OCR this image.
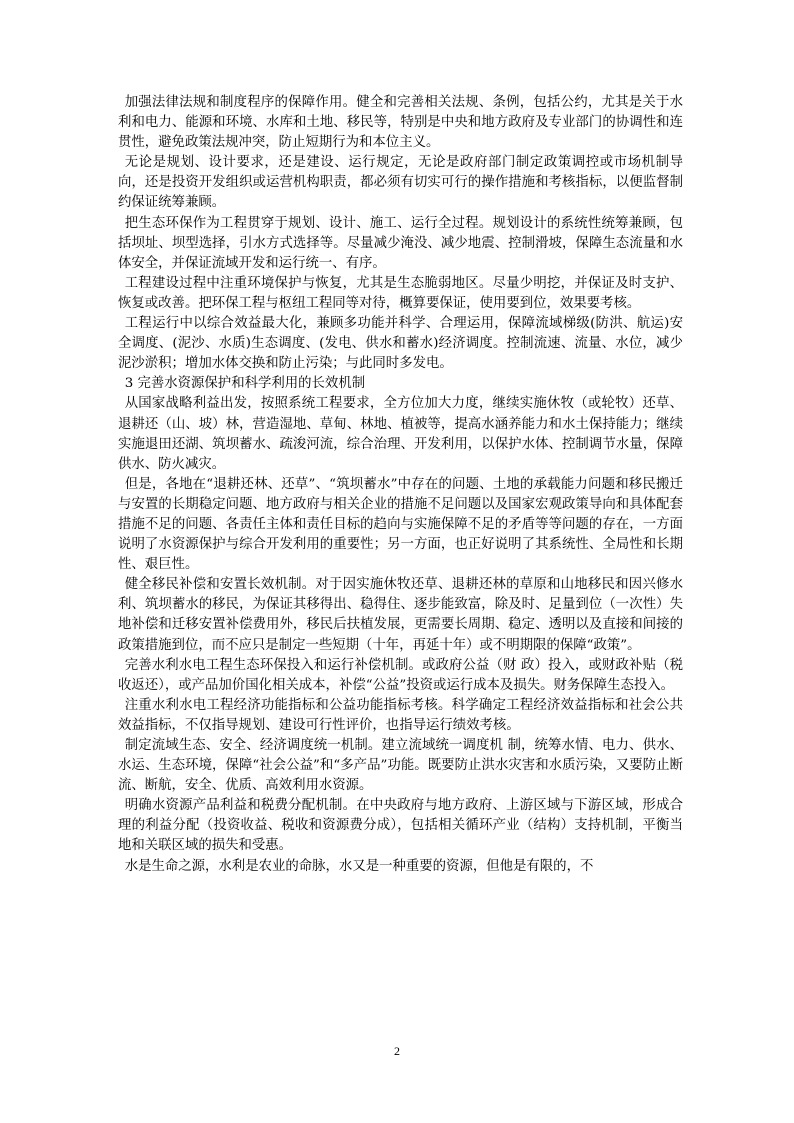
加强法律法规和制度程序的保障作用。健全和完善相关法规、条例，包括公约，尤其是关于水利和电力、能源和环境、水库和土地、移民等，特别是中央和地方政府及专业部门的协调性和连贯性，避免政策法规冲突，防止短期行为和本位主义。

无论是规划、设计要求，还是建设、运行规定，无论是政府部门制定政策调控或市场机制导向，还是投资开发组织或运营机构职责，都必须有切实可行的操作措施和考核指标，以便监督制约保证统筹兼顾。

把生态环保作为工程贯穿于规划、设计、施工、运行全过程。规划设计的系统性统筹兼顾，包括坝址、坝型选择，引水方式选择等。尽量减少淹没、减少地震、控制滑坡，保障生态流量和水体安全，并保证流域开发和运行统一、有序。

工程建设过程中注重环境保护与恢复，尤其是生态脆弱地区。尽量少明挖，并保证及时支护、恢复或改善。把环保工程与枢纽工程同等对待，概算要保证，使用要到位，效果要考核。

工程运行中以综合效益最大化，兼顾多功能并科学、合理运用，保障流域梯级(防洪、航运)安全调度、(泥沙、水质)生态调度、(发电、供水和蓄水)经济调度。控制流速、流量、水位，减少泥沙淤积；增加水体交换和防止污染；与此同时多发电。

3 完善水资源保护和科学利用的长效机制

从国家战略利益出发，按照系统工程要求，全方位加大力度，继续实施休牧（或轮牧）还草、退耕还（山、坡）林，营造湿地、草甸、林地、植被等，提高水涵养能力和水土保持能力；继续实施退田还湖、筑坝蓄水、疏浚河流，综合治理、开发利用，以保护水体、控制调节水量，保障供水、防火减灾。

但是，各地在“退耕还林、还草”、“筑坝蓄水”中存在的问题、土地的承载能力问题和移民搬迁与安置的长期稳定问题、地方政府与相关企业的措施不足问题以及国家宏观政策导向和具体配套措施不足的问题、各责任主体和责任目标的趋向与实施保障不足的矛盾等等问题的存在，一方面说明了水资源保护与综合开发利用的重要性；另一方面，也正好说明了其系统性、全局性和长期性、艰巨性。

健全移民补偿和安置长效机制。对于因实施休牧还草、退耕还林的草原和山地移民和因兴修水利、筑坝蓄水的移民，为保证其移得出、稳得住、逐步能致富，除及时、足量到位（一次性）失地补偿和迁移安置补偿费用外，移民后扶植发展，更需要长周期、稳定、透明以及直接和间接的政策措施到位，而不应只是制定一些短期（十年，再延十年）或不明期限的保障“政策”。

完善水利水电工程生态环保投入和运行补偿机制。或政府公益（财 政）投入，或财政补贴（税收返还），或产品加价国化相关成本，补偿“公益”投资或运行成本及损失。财务保障生态投入。

注重水利水电工程经济功能指标和公益功能指标考核。科学确定工程经济效益指标和社会公共效益指标，不仅指导规划、建设可行性评价，也指导运行绩效考核。

制定流域生态、安全、经济调度统一机制。建立流域统一调度机 制，统筹水情、电力、供水、水运、生态环境，保障“社会公益”和“多产品”功能。既要防止洪水灾害和水质污染，又要防止断流、断航，安全、优质、高效利用水资源。

明确水资源产品利益和税费分配机制。在中央政府与地方政府、上游区域与下游区域，形成合理的利益分配（投资收益、税收和资源费分成），包括相关循环产业（结构）支持机制，平衡当地和关联区域的损失和受惠。

水是生命之源，水利是农业的命脉，水又是一种重要的资源，但他是有限的，不

2
